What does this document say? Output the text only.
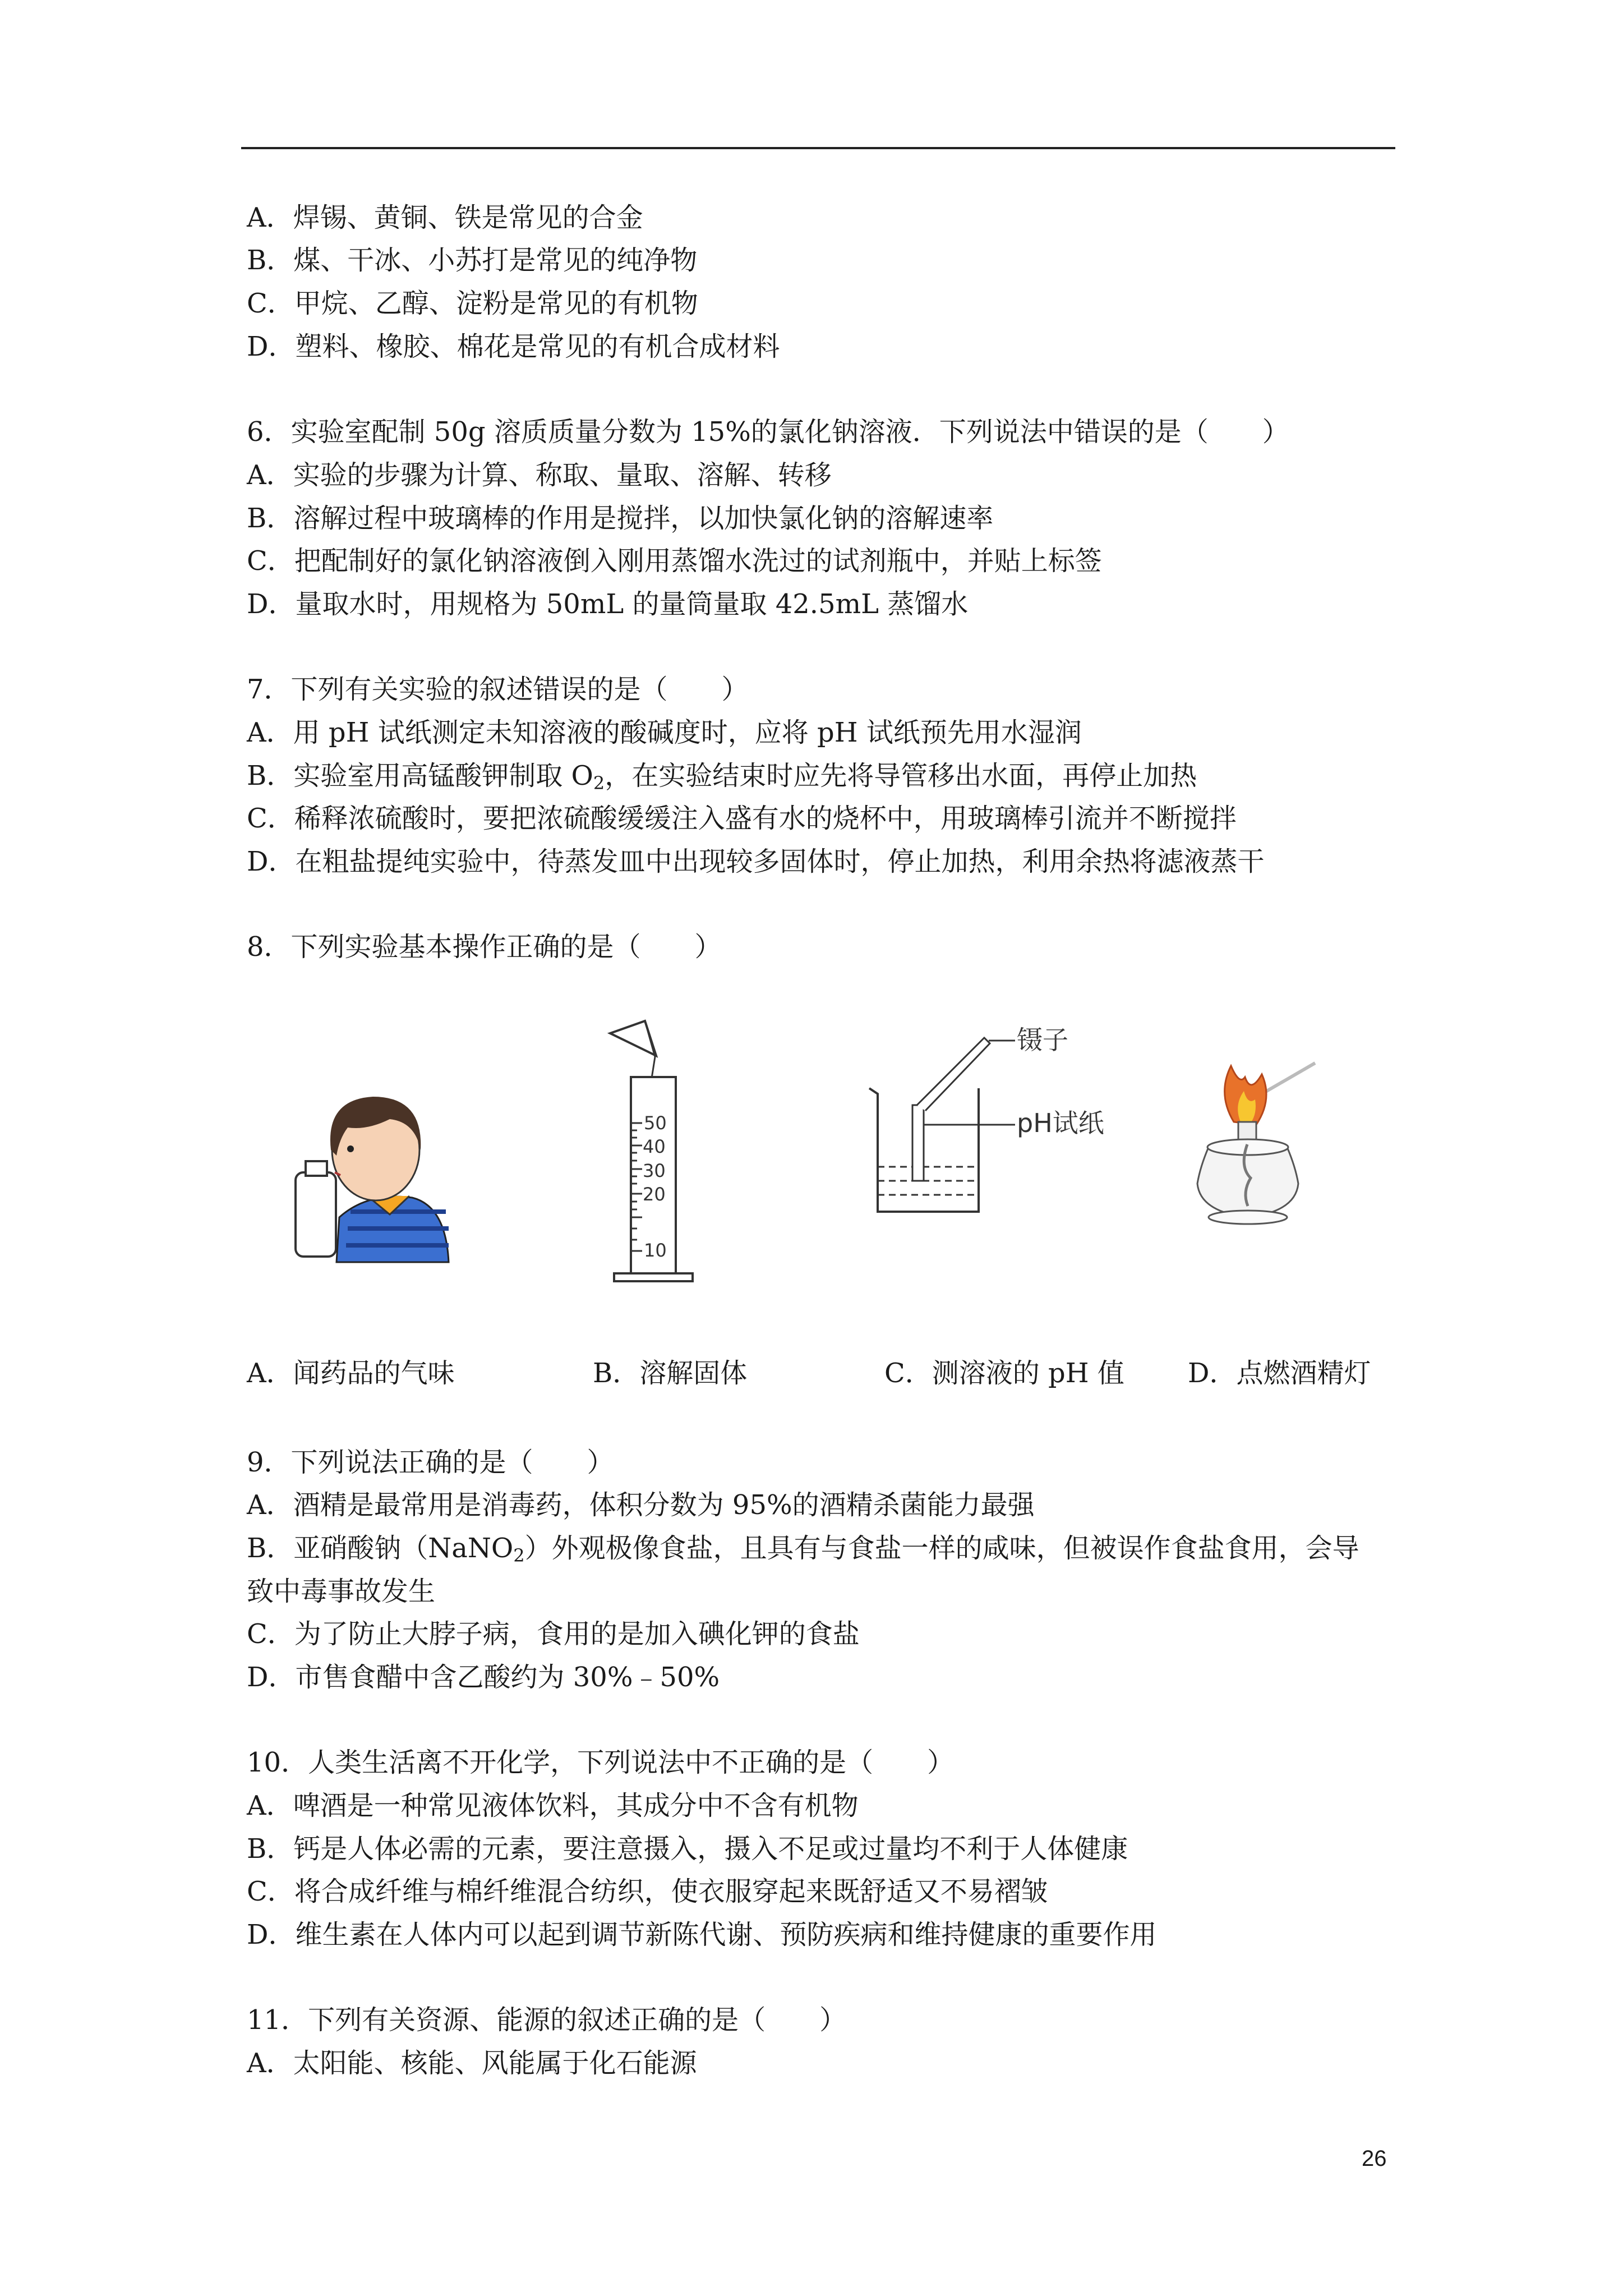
A．焊锡、黄铜、铁是常见的合金
B．煤、干冰、小苏打是常见的纯净物
C．甲烷、乙醇、淀粉是常见的有机物
D．塑料、橡胶、棉花是常见的有机合成材料
6．实验室配制 50g 溶质质量分数为 15%的氯化钠溶液．下列说法中错误的是（　　）
A．实验的步骤为计算、称取、量取、溶解、转移
B．溶解过程中玻璃棒的作用是搅拌，以加快氯化钠的溶解速率
C．把配制好的氯化钠溶液倒入刚用蒸馏水洗过的试剂瓶中，并贴上标签
D．量取水时，用规格为 50mL 的量筒量取 42.5mL 蒸馏水
7．下列有关实验的叙述错误的是（　　）
A．用 pH 试纸测定未知溶液的酸碱度时，应将 pH 试纸预先用水湿润
B．实验室用高锰酸钾制取 $O_2$，在实验结束时应先将导管移出水面，再停止加热
C．稀释浓硫酸时，要把浓硫酸缓缓注入盛有水的烧杯中，用玻璃棒引流并不断搅拌
D．在粗盐提纯实验中，待蒸发皿中出现较多固体时，停止加热，利用余热将滤液蒸干
8．下列实验基本操作正确的是（　　）
50
40
30
20
10
镊子
pH试纸
A．闻药品的气味	B．溶解固体	C．测溶液的 pH 值 D．点燃酒精灯
9．下列说法正确的是（　　）
A．酒精是最常用是消毒药，体积分数为 95%的酒精杀菌能力最强
B．亚硝酸钠（NaNO$_2$）外观极像食盐，且具有与食盐一样的咸味，但被误作食盐食用，会导
致中毒事故发生
C．为了防止大脖子病，食用的是加入碘化钾的食盐
D．市售食醋中含乙酸约为 30%﹣50%
10．人类生活离不开化学，下列说法中不正确的是（　　）
A．啤酒是一种常见液体饮料，其成分中不含有机物
B．钙是人体必需的元素，要注意摄入，摄入不足或过量均不利于人体健康
C．将合成纤维与棉纤维混合纺织，使衣服穿起来既舒适又不易褶皱
D．维生素在人体内可以起到调节新陈代谢、预防疾病和维持健康的重要作用
11．下列有关资源、能源的叙述正确的是（　　）
A．太阳能、核能、风能属于化石能源
26
